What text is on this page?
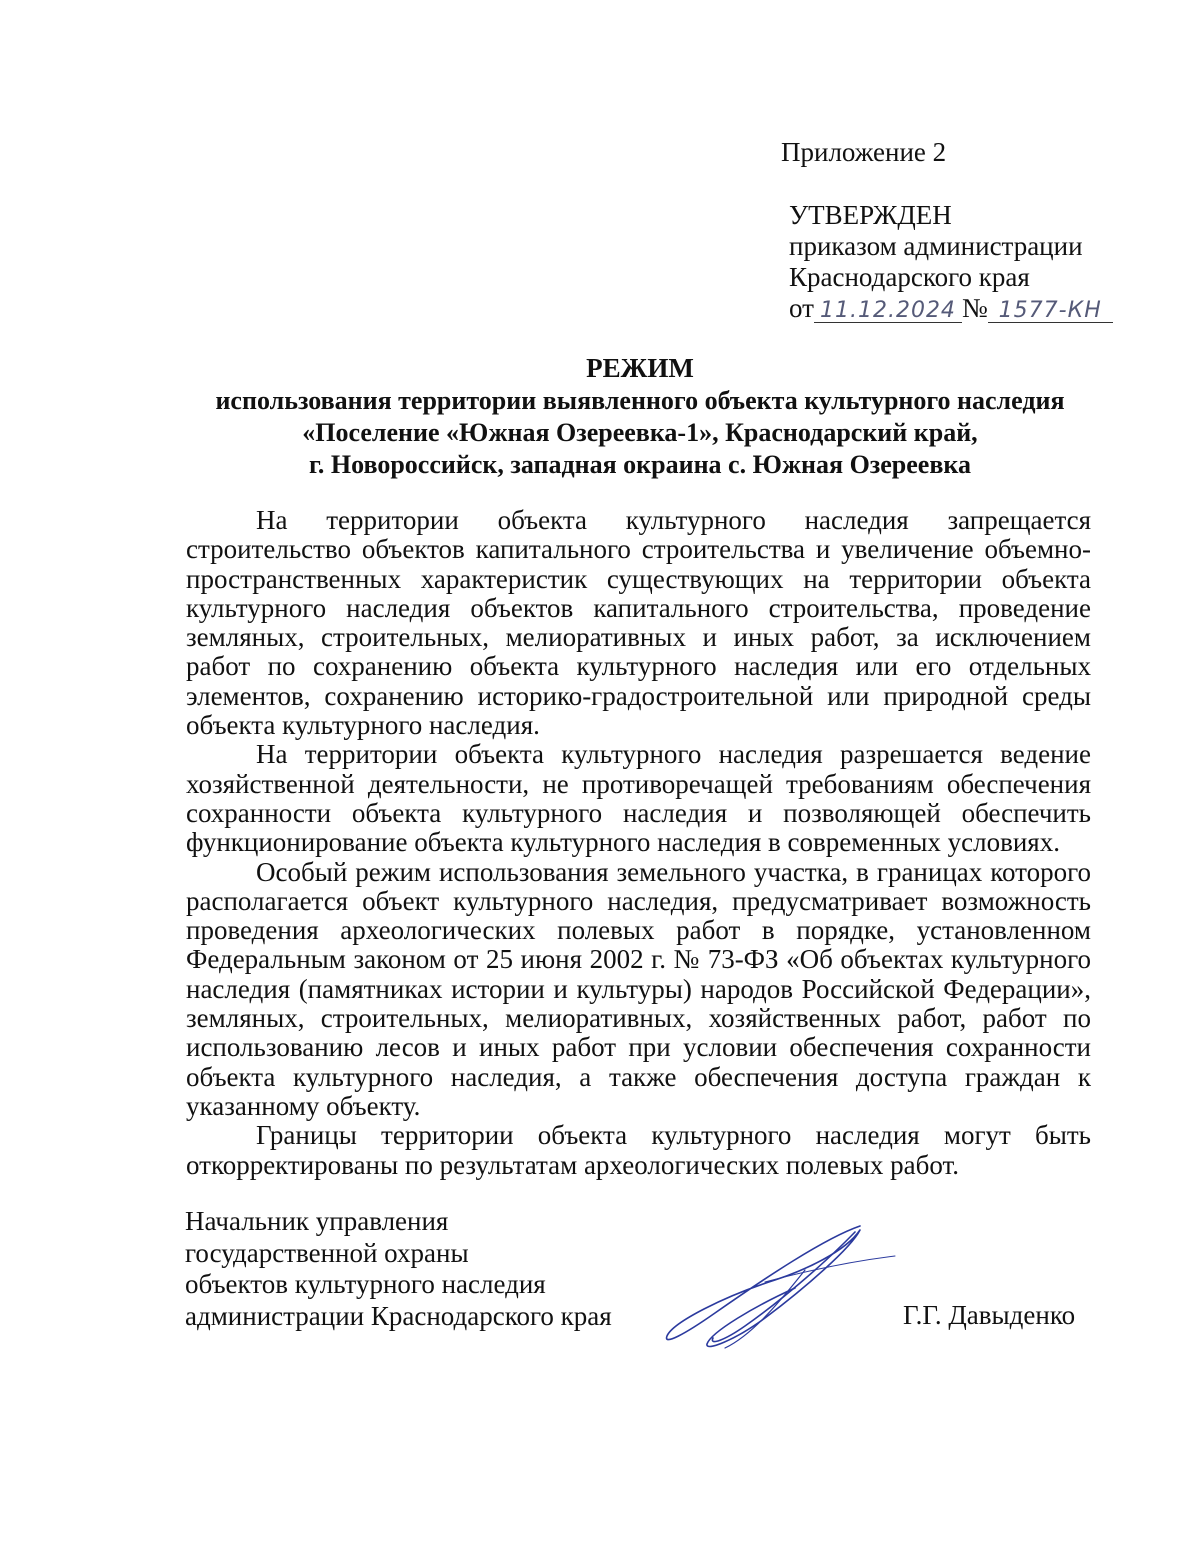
Приложение 2
УТВЕРЖДЕН
приказом администрации
Краснодарского края
от 11.12.2024 № 1577-КН
РЕЖИМ
использования территории выявленного объекта культурного наследия
«Поселение «Южная Озереевка-1», Краснодарский край,
г. Новороссийск, западная окраина с. Южная Озереевка

На территории объекта культурного наследия запрещается строительство объектов капитального строительства и увеличение объемно-пространственных характеристик существующих на территории объекта культурного наследия объектов капитального строительства, проведение земляных, строительных, мелиоративных и иных работ, за исключением работ по сохранению объекта культурного наследия или его отдельных элементов, сохранению историко-градостроительной или природной среды объекта культурного наследия.

На территории объекта культурного наследия разрешается ведение хозяйственной деятельности, не противоречащей требованиям обеспечения сохранности объекта культурного наследия и позволяющей обеспечить функционирование объекта культурного наследия в современных условиях.

Особый режим использования земельного участка, в границах которого располагается объект культурного наследия, предусматривает возможность проведения археологических полевых работ в порядке, установленном Федеральным законом от 25 июня 2002 г. № 73-ФЗ «Об объектах культурного наследия (памятниках истории и культуры) народов Российской Федерации», земляных, строительных, мелиоративных, хозяйственных работ, работ по использованию лесов и иных работ при условии обеспечения сохранности объекта культурного наследия, а также обеспечения доступа граждан к указанному объекту.

Границы территории объекта культурного наследия могут быть откорректированы по результатам археологических полевых работ.

Начальник управления
государственной охраны
объектов культурного наследия
администрации Краснодарского края	Г.Г. Давыденко
